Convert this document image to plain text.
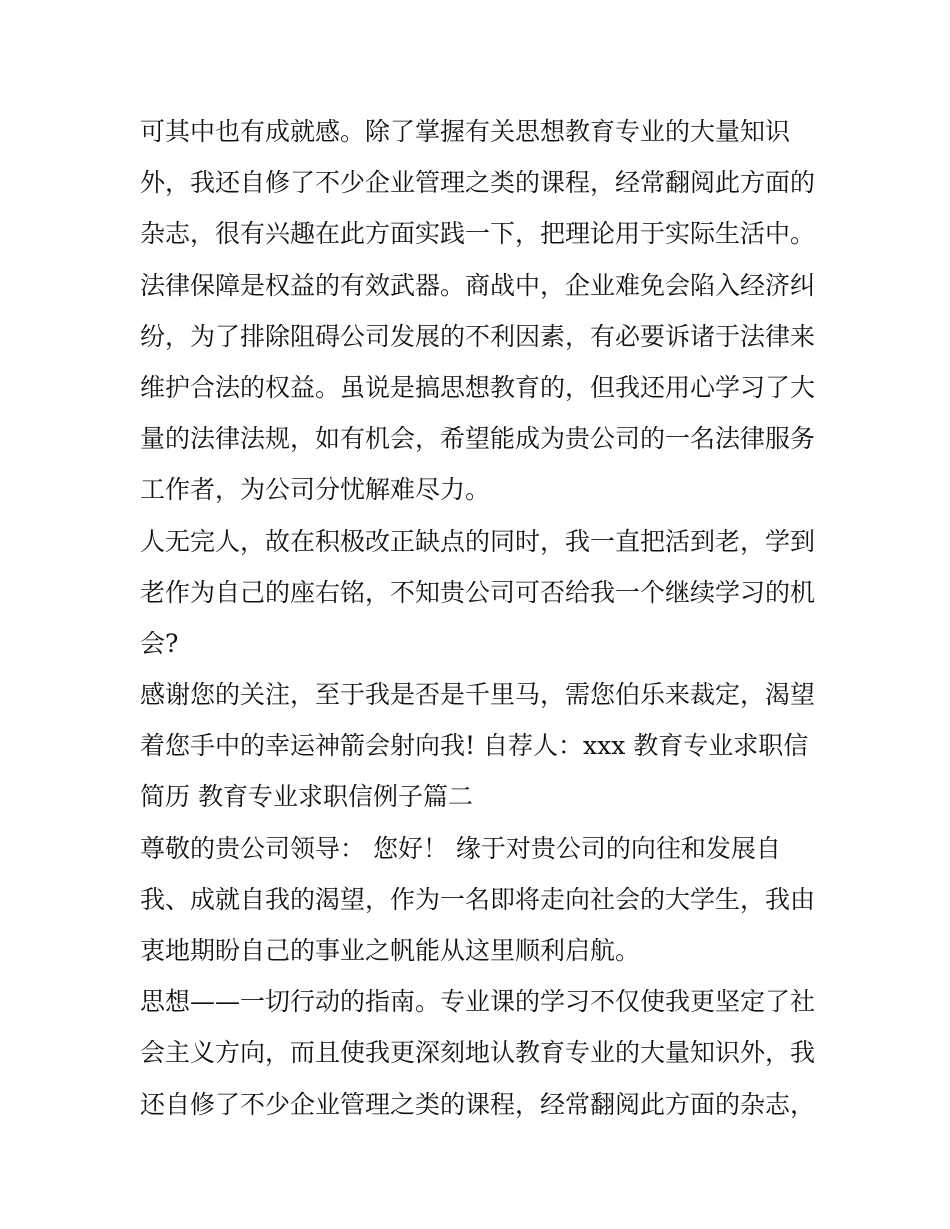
可其中也有成就感。除了掌握有关思想教育专业的大量知识
外，我还自修了不少企业管理之类的课程，经常翻阅此方面的
杂志，很有兴趣在此方面实践一下，把理论用于实际生活中。
法律保障是权益的有效武器。商战中，企业难免会陷入经济纠
纷，为了排除阻碍公司发展的不利因素，有必要诉诸于法律来
维护合法的权益。虽说是搞思想教育的，但我还用心学习了大
量的法律法规，如有机会，希望能成为贵公司的一名法律服务
工作者，为公司分忧解难尽力。
人无完人，故在积极改正缺点的同时，我一直把活到老，学到
老作为自己的座右铭，不知贵公司可否给我一个继续学习的机
会?
感谢您的关注，至于我是否是千里马，需您伯乐来裁定，渴望
着您手中的幸运神箭会射向我! 自荐人：xxx 教育专业求职信
简历 教育专业求职信例子篇二
尊敬的贵公司领导： 您好！ 缘于对贵公司的向往和发展自
我、成就自我的渴望，作为一名即将走向社会的大学生，我由
衷地期盼自己的事业之帆能从这里顺利启航。
思想——一切行动的指南。专业课的学习不仅使我更坚定了社
会主义方向，而且使我更深刻地认教育专业的大量知识外，我
还自修了不少企业管理之类的课程，经常翻阅此方面的杂志，
